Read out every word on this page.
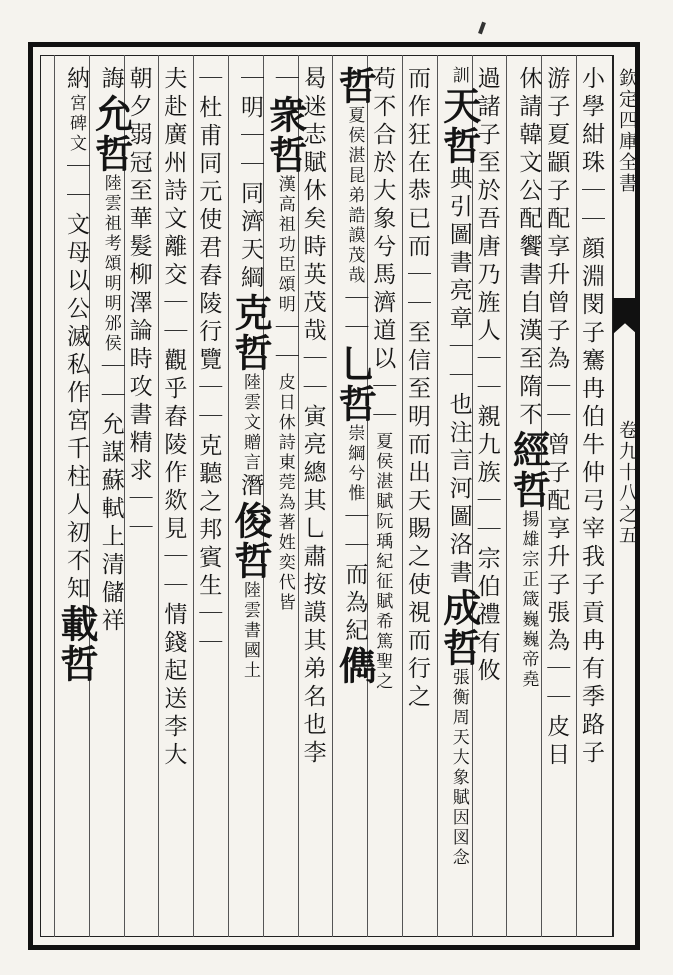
欽定四庫全書
卷九十八之五
小學紺珠｜｜顔淵閔子騫冉伯牛仲弓宰我子貢冉有季路子
游子夏顓子配享升曾子為｜｜曾子配享升子張為｜｜皮日
休請韓文公配饗書自漢至隋不經哲揚雄宗正箴巍巍帝堯
過諸子至於吾唐乃旌人｜｜親九族｜｜宗伯禮有攸
訓天哲典引圖書亮章｜｜也注言河圖洛書成哲張衡周天大象賦因図念
而作狂在恭已而｜｜至信至明而出天賜之使視而行之
苟不合於大象兮馬濟道以｜｜夏侯湛賦阮瑀紀征賦希篤聖之
哲夏侯湛昆弟誥謨茂哉｜｜乚哲崇綱兮惟｜｜而為紀儁
曷迷志賦休矣時英茂哉｜｜寅亮總其乚肅按謨其弟名也李
｜衆哲漢高祖功臣頌明｜｜皮日休詩東莞為著姓奕代皆
｜明｜｜同濟天綱克哲陸雲文贈言潛俊哲陸雲書國土
｜杜甫同元使君舂陵行覽｜｜克聽之邦賓生｜｜
夫赴廣州詩文離交｜｜觀乎舂陵作欻見｜｜情錢起送李大
朝夕弱冠至華髮柳澤論時攻書精求｜｜
誨允哲陸雲祖考頌明明邠侯｜｜允謀蘇軾上清儲祥
納宮碑文｜｜文母以公滅私作宮千柱人初不知載哲
